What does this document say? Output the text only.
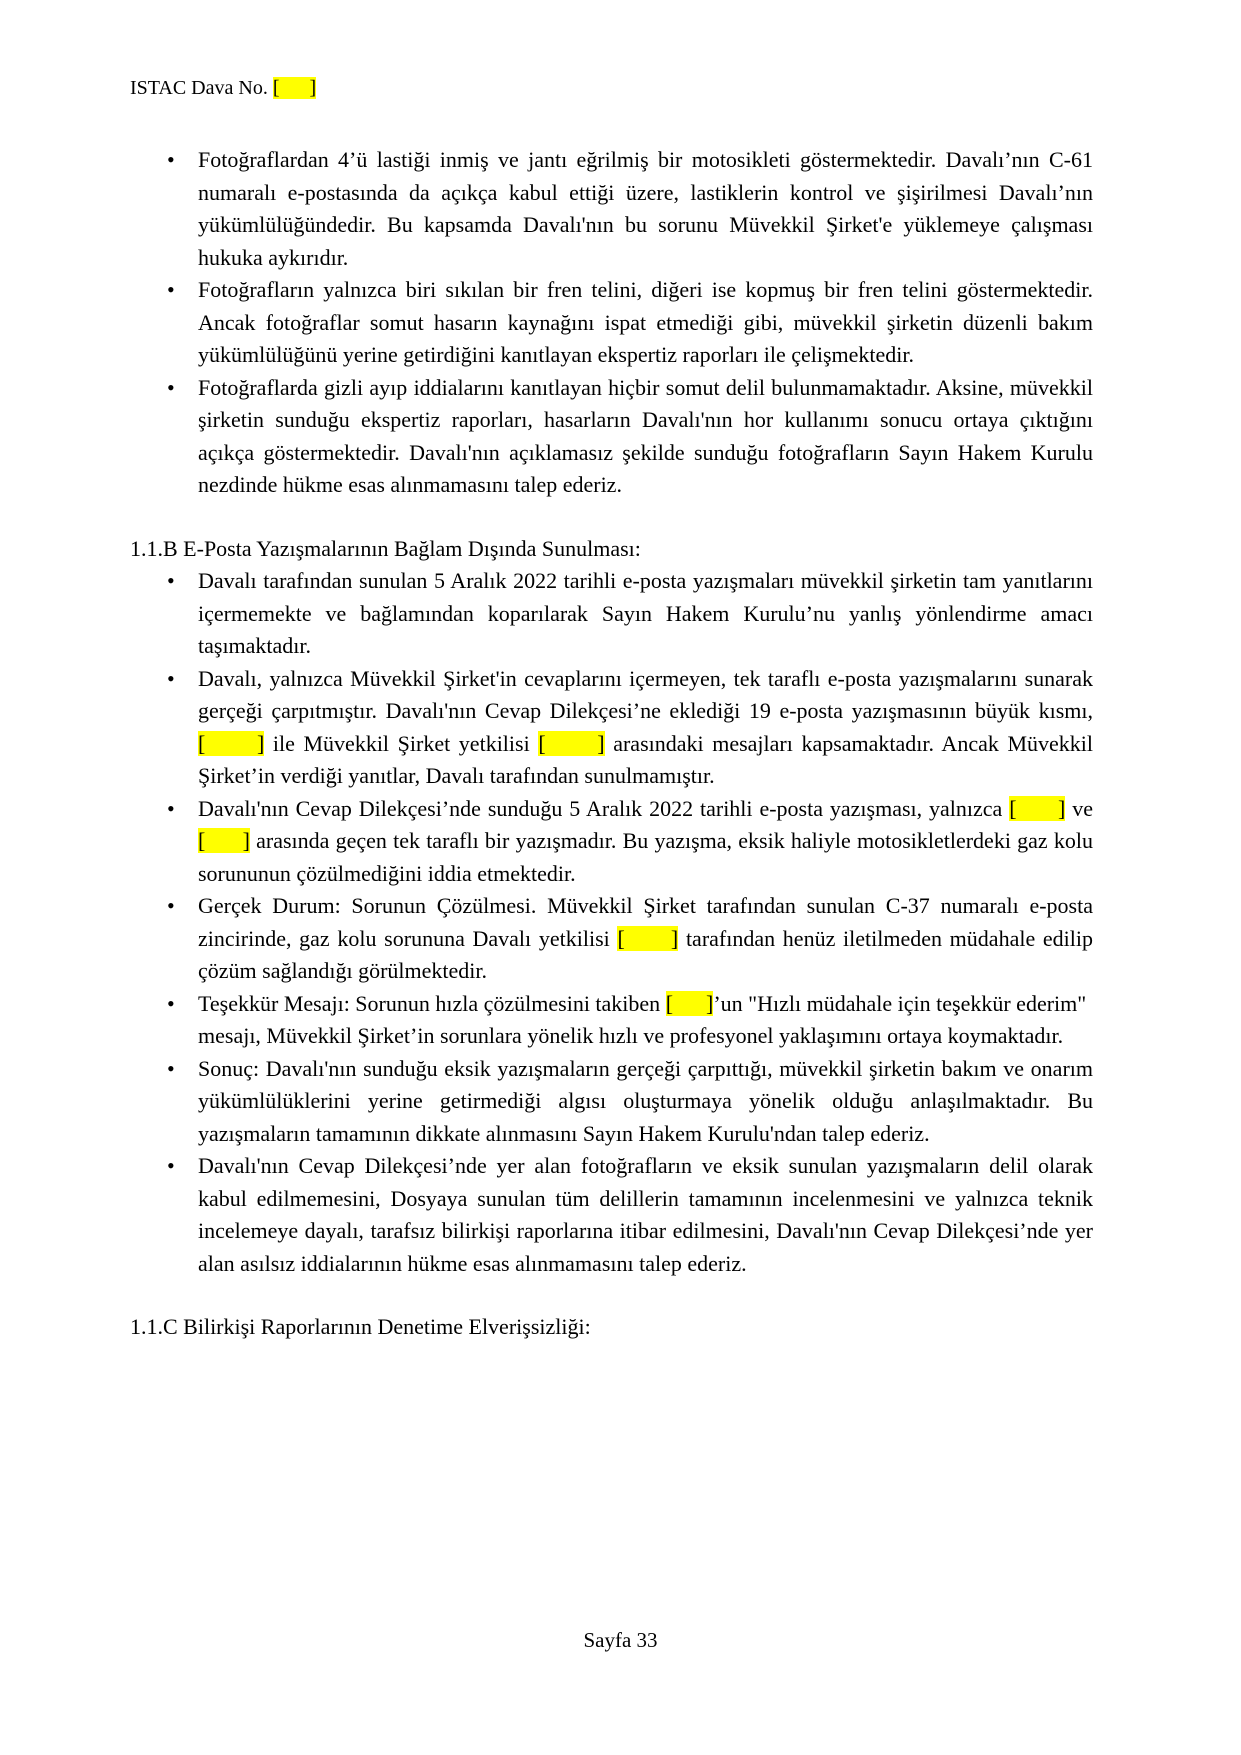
ISTAC Dava No. [      ]
• Fotoğraflardan 4’ü lastiği inmiş ve jantı eğrilmiş bir motosikleti göstermektedir. Davalı’nın C-61 numaralı e-postasında da açıkça kabul ettiği üzere, lastiklerin kontrol ve şişirilmesi Davalı’nın yükümlülüğündedir. Bu kapsamda Davalı'nın bu sorunu Müvekkil Şirket'e yüklemeye çalışması hukuka aykırıdır.
• Fotoğrafların yalnızca biri sıkılan bir fren telini, diğeri ise kopmuş bir fren telini göstermektedir. Ancak fotoğraflar somut hasarın kaynağını ispat etmediği gibi, müvekkil şirketin düzenli bakım yükümlülüğünü yerine getirdiğini kanıtlayan ekspertiz raporları ile çelişmektedir.
• Fotoğraflarda gizli ayıp iddialarını kanıtlayan hiçbir somut delil bulunmamaktadır. Aksine, müvekkil şirketin sunduğu ekspertiz raporları, hasarların Davalı'nın hor kullanımı sonucu ortaya çıktığını açıkça göstermektedir. Davalı'nın açıklamasız şekilde sunduğu fotoğrafların Sayın Hakem Kurulu nezdinde hükme esas alınmamasını talep ederiz.
1.1.B E-Posta Yazışmalarının Bağlam Dışında Sunulması:
• Davalı tarafından sunulan 5 Aralık 2022 tarihli e-posta yazışmaları müvekkil şirketin tam yanıtlarını içermemekte ve bağlamından koparılarak Sayın Hakem Kurulu’nu yanlış yönlendirme amacı taşımaktadır.
• Davalı, yalnızca Müvekkil Şirket'in cevaplarını içermeyen, tek taraflı e-posta yazışmalarını sunarak gerçeği çarpıtmıştır. Davalı'nın Cevap Dilekçesi’ne eklediği 19 e-posta yazışmasının büyük kısmı, [      ] ile Müvekkil Şirket yetkilisi [      ] arasındaki mesajları kapsamaktadır. Ancak Müvekkil Şirket’in verdiği yanıtlar, Davalı tarafından sunulmamıştır.
• Davalı'nın Cevap Dilekçesi’nde sunduğu 5 Aralık 2022 tarihli e-posta yazışması, yalnızca [      ] ve [      ] arasında geçen tek taraflı bir yazışmadır. Bu yazışma, eksik haliyle motosikletlerdeki gaz kolu sorununun çözülmediğini iddia etmektedir.
• Gerçek Durum: Sorunun Çözülmesi. Müvekkil Şirket tarafından sunulan C-37 numaralı e-posta zincirinde, gaz kolu sorununa Davalı yetkilisi [      ] tarafından henüz iletilmeden müdahale edilip çözüm sağlandığı görülmektedir.
• Teşekkür Mesajı: Sorunun hızla çözülmesini takiben [      ]’un "Hızlı müdahale için teşekkür ederim" mesajı, Müvekkil Şirket’in sorunlara yönelik hızlı ve profesyonel yaklaşımını ortaya koymaktadır.
• Sonuç: Davalı'nın sunduğu eksik yazışmaların gerçeği çarpıttığı, müvekkil şirketin bakım ve onarım yükümlülüklerini yerine getirmediği algısı oluşturmaya yönelik olduğu anlaşılmaktadır. Bu yazışmaların tamamının dikkate alınmasını Sayın Hakem Kurulu'ndan talep ederiz.
• Davalı'nın Cevap Dilekçesi’nde yer alan fotoğrafların ve eksik sunulan yazışmaların delil olarak kabul edilmemesini, Dosyaya sunulan tüm delillerin tamamının incelenmesini ve yalnızca teknik incelemeye dayalı, tarafsız bilirkişi raporlarına itibar edilmesini, Davalı'nın Cevap Dilekçesi’nde yer alan asılsız iddialarının hükme esas alınmamasını talep ederiz.
1.1.C Bilirkişi Raporlarının Denetime Elverişsizliği:
Sayfa 33
